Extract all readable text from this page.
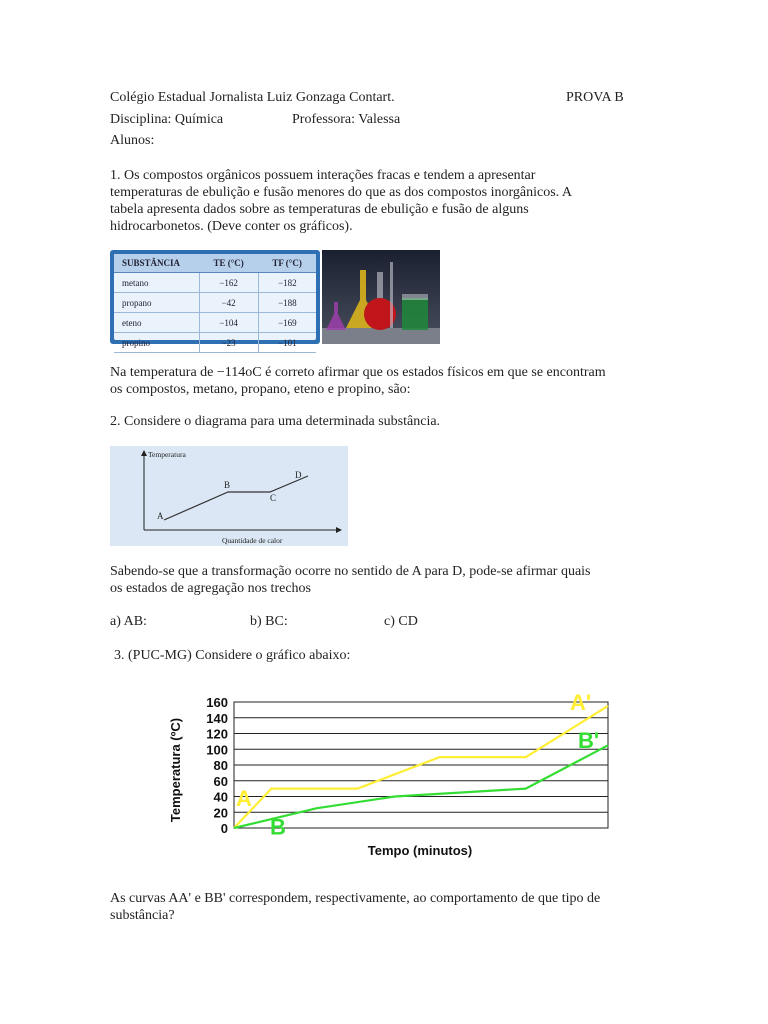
Colégio Estadual Jornalista Luiz Gonzaga Contart.	PROVA B
Disciplina: Química	Professora: Valessa
Alunos:
1. Os compostos orgânicos possuem interações fracas e tendem a apresentar
temperaturas de ebulição e fusão menores do que as dos compostos inorgânicos. A
tabela apresenta dados sobre as temperaturas de ebulição e fusão de alguns
hidrocarbonetos. (Deve conter os gráficos).
SUBSTÂNCIA	TE (°C)	TF (°C)
metano	−162	−182
propano	−42	−188
eteno	−104	−169
propino	−23	−101
Na temperatura de −114oC é correto afirmar que os estados físicos em que se encontram
os compostos, metano, propano, eteno e propino, são:
2. Considere o diagrama para uma determinada substância.
Temperatura
Quantidade de calor
A
B
C
D
Sabendo-se que a transformação ocorre no sentido de A para D, pode-se afirmar quais
os estados de agregação nos trechos
a) AB:	b) BC:	c) CD
3. (PUC-MG) Considere o gráfico abaixo:
0
20
40
60
80
100
120
140
160
A
A'
B
B'
Tempo (minutos)
Temperatura (ºC)
As curvas AA' e BB' correspondem, respectivamente, ao comportamento de que tipo de
substância?
